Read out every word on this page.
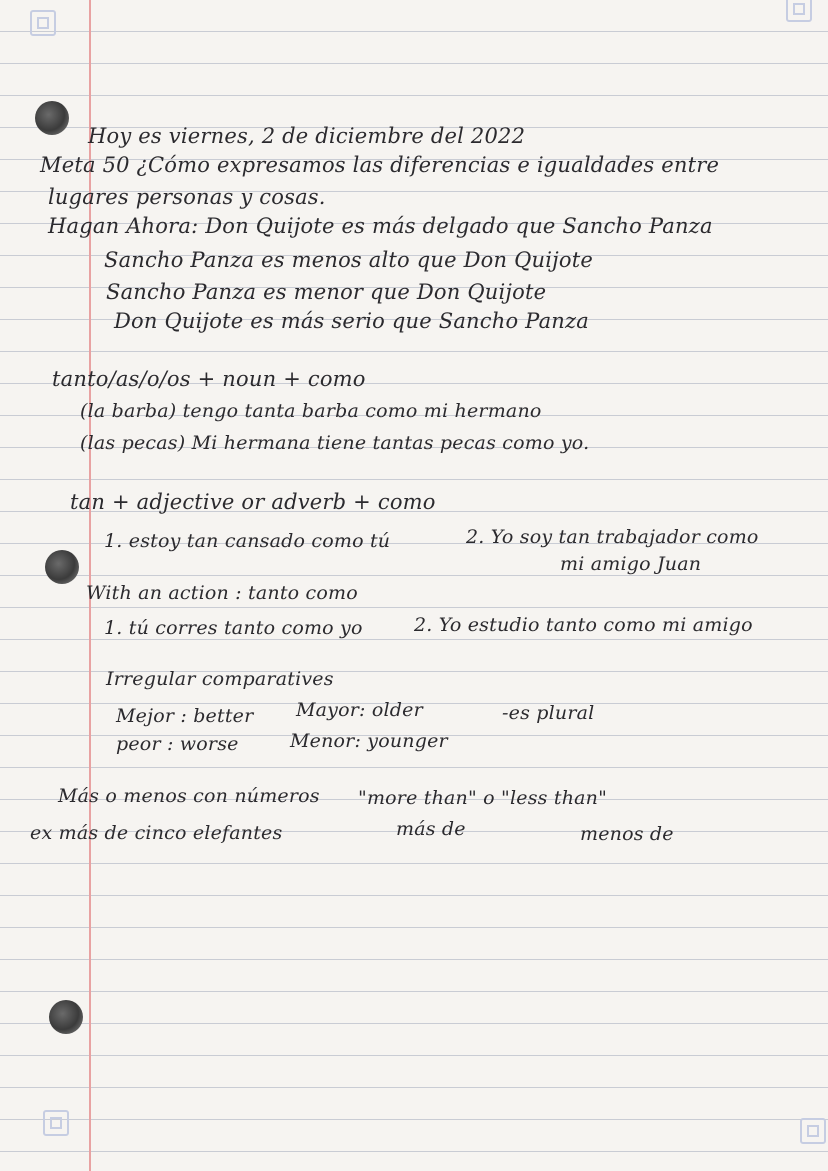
Hoy es viernes, 2 de diciembre del 2022
Meta 50 ¿Cómo expresamos las diferencias e igualdades entre
lugares personas y cosas.
Hagan Ahora: Don Quijote es más delgado que Sancho Panza
Sancho Panza es menos alto que Don Quijote
Sancho Panza es menor que Don Quijote
Don Quijote es más serio que Sancho Panza
tanto/as/o/os + noun + como
(la barba) tengo tanta barba como mi hermano
(las pecas) Mi hermana tiene tantas pecas como yo.
tan + adjective or adverb + como
1. estoy tan cansado como tú	2. Yo soy tan trabajador como
mi amigo Juan
With an action : tanto como
1. tú corres tanto como yo	2. Yo estudio tanto como mi amigo
Irregular comparatives
Mejor : better Mayor: older	-es plural
peor : worse	Menor: younger
Más o menos con números "more than" o "less than"
ex más de cinco elefantes	más de	menos de
